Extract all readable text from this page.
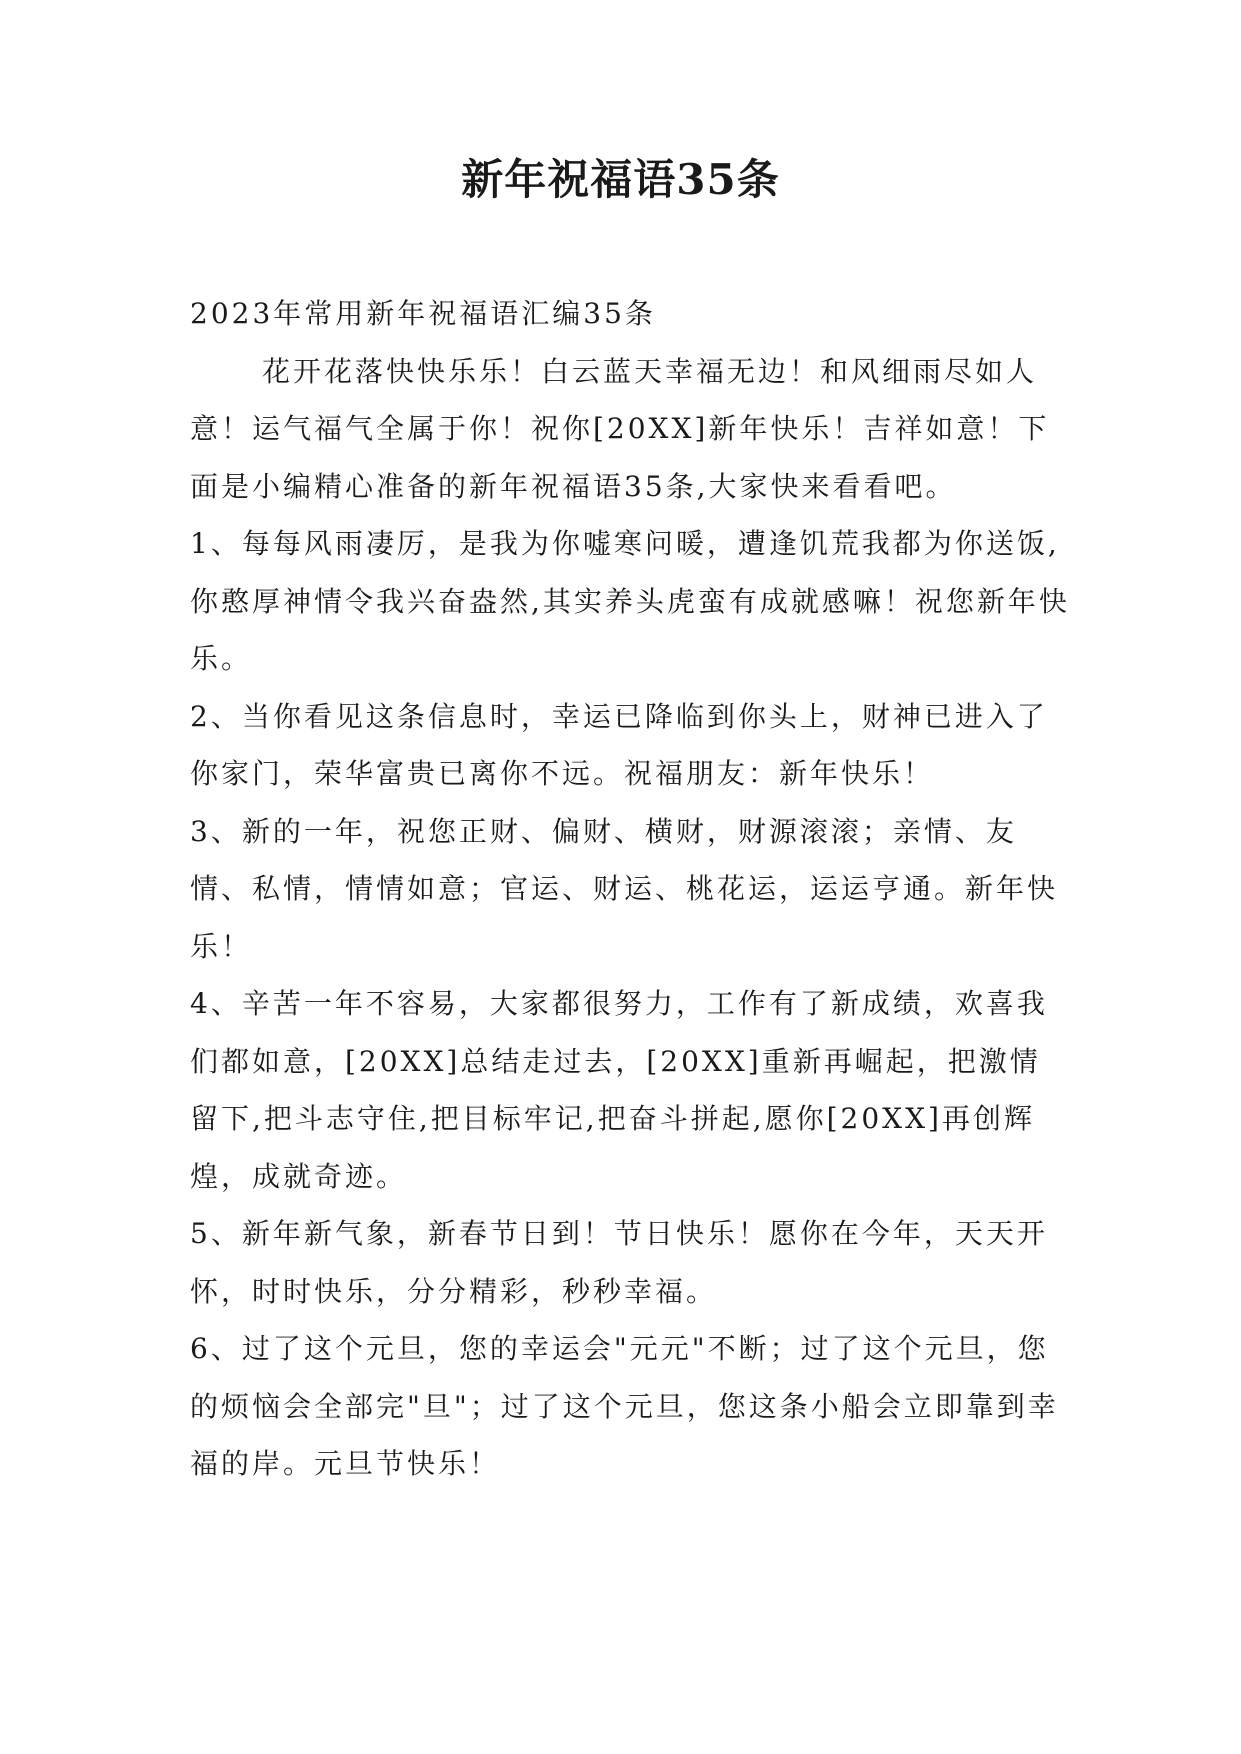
新年祝福语35条

2023年常用新年祝福语汇编35条

花开花落快快乐乐！白云蓝天幸福无边！和风细雨尽如人意！运气福气全属于你！祝你[20XX]新年快乐！吉祥如意！下面是小编精心准备的新年祝福语35条,大家快来看看吧。

1、每每风雨凄厉，是我为你嘘寒问暖，遭逢饥荒我都为你送饭,你憨厚神情令我兴奋盎然,其实养头虎蛮有成就感嘛！祝您新年快乐。

2、当你看见这条信息时，幸运已降临到你头上，财神已进入了你家门，荣华富贵已离你不远。祝福朋友：新年快乐！

3、新的一年，祝您正财、偏财、横财，财源滚滚；亲情、友情、私情，情情如意；官运、财运、桃花运，运运亨通。新年快乐！

4、辛苦一年不容易，大家都很努力，工作有了新成绩，欢喜我们都如意，[20XX]总结走过去，[20XX]重新再崛起，把激情留下,把斗志守住,把目标牢记,把奋斗拼起,愿你[20XX]再创辉煌，成就奇迹。

5、新年新气象，新春节日到！节日快乐！愿你在今年，天天开怀，时时快乐，分分精彩，秒秒幸福。

6、过了这个元旦，您的幸运会"元元"不断；过了这个元旦，您的烦恼会全部完"旦"；过了这个元旦，您这条小船会立即靠到幸福的岸。元旦节快乐！
